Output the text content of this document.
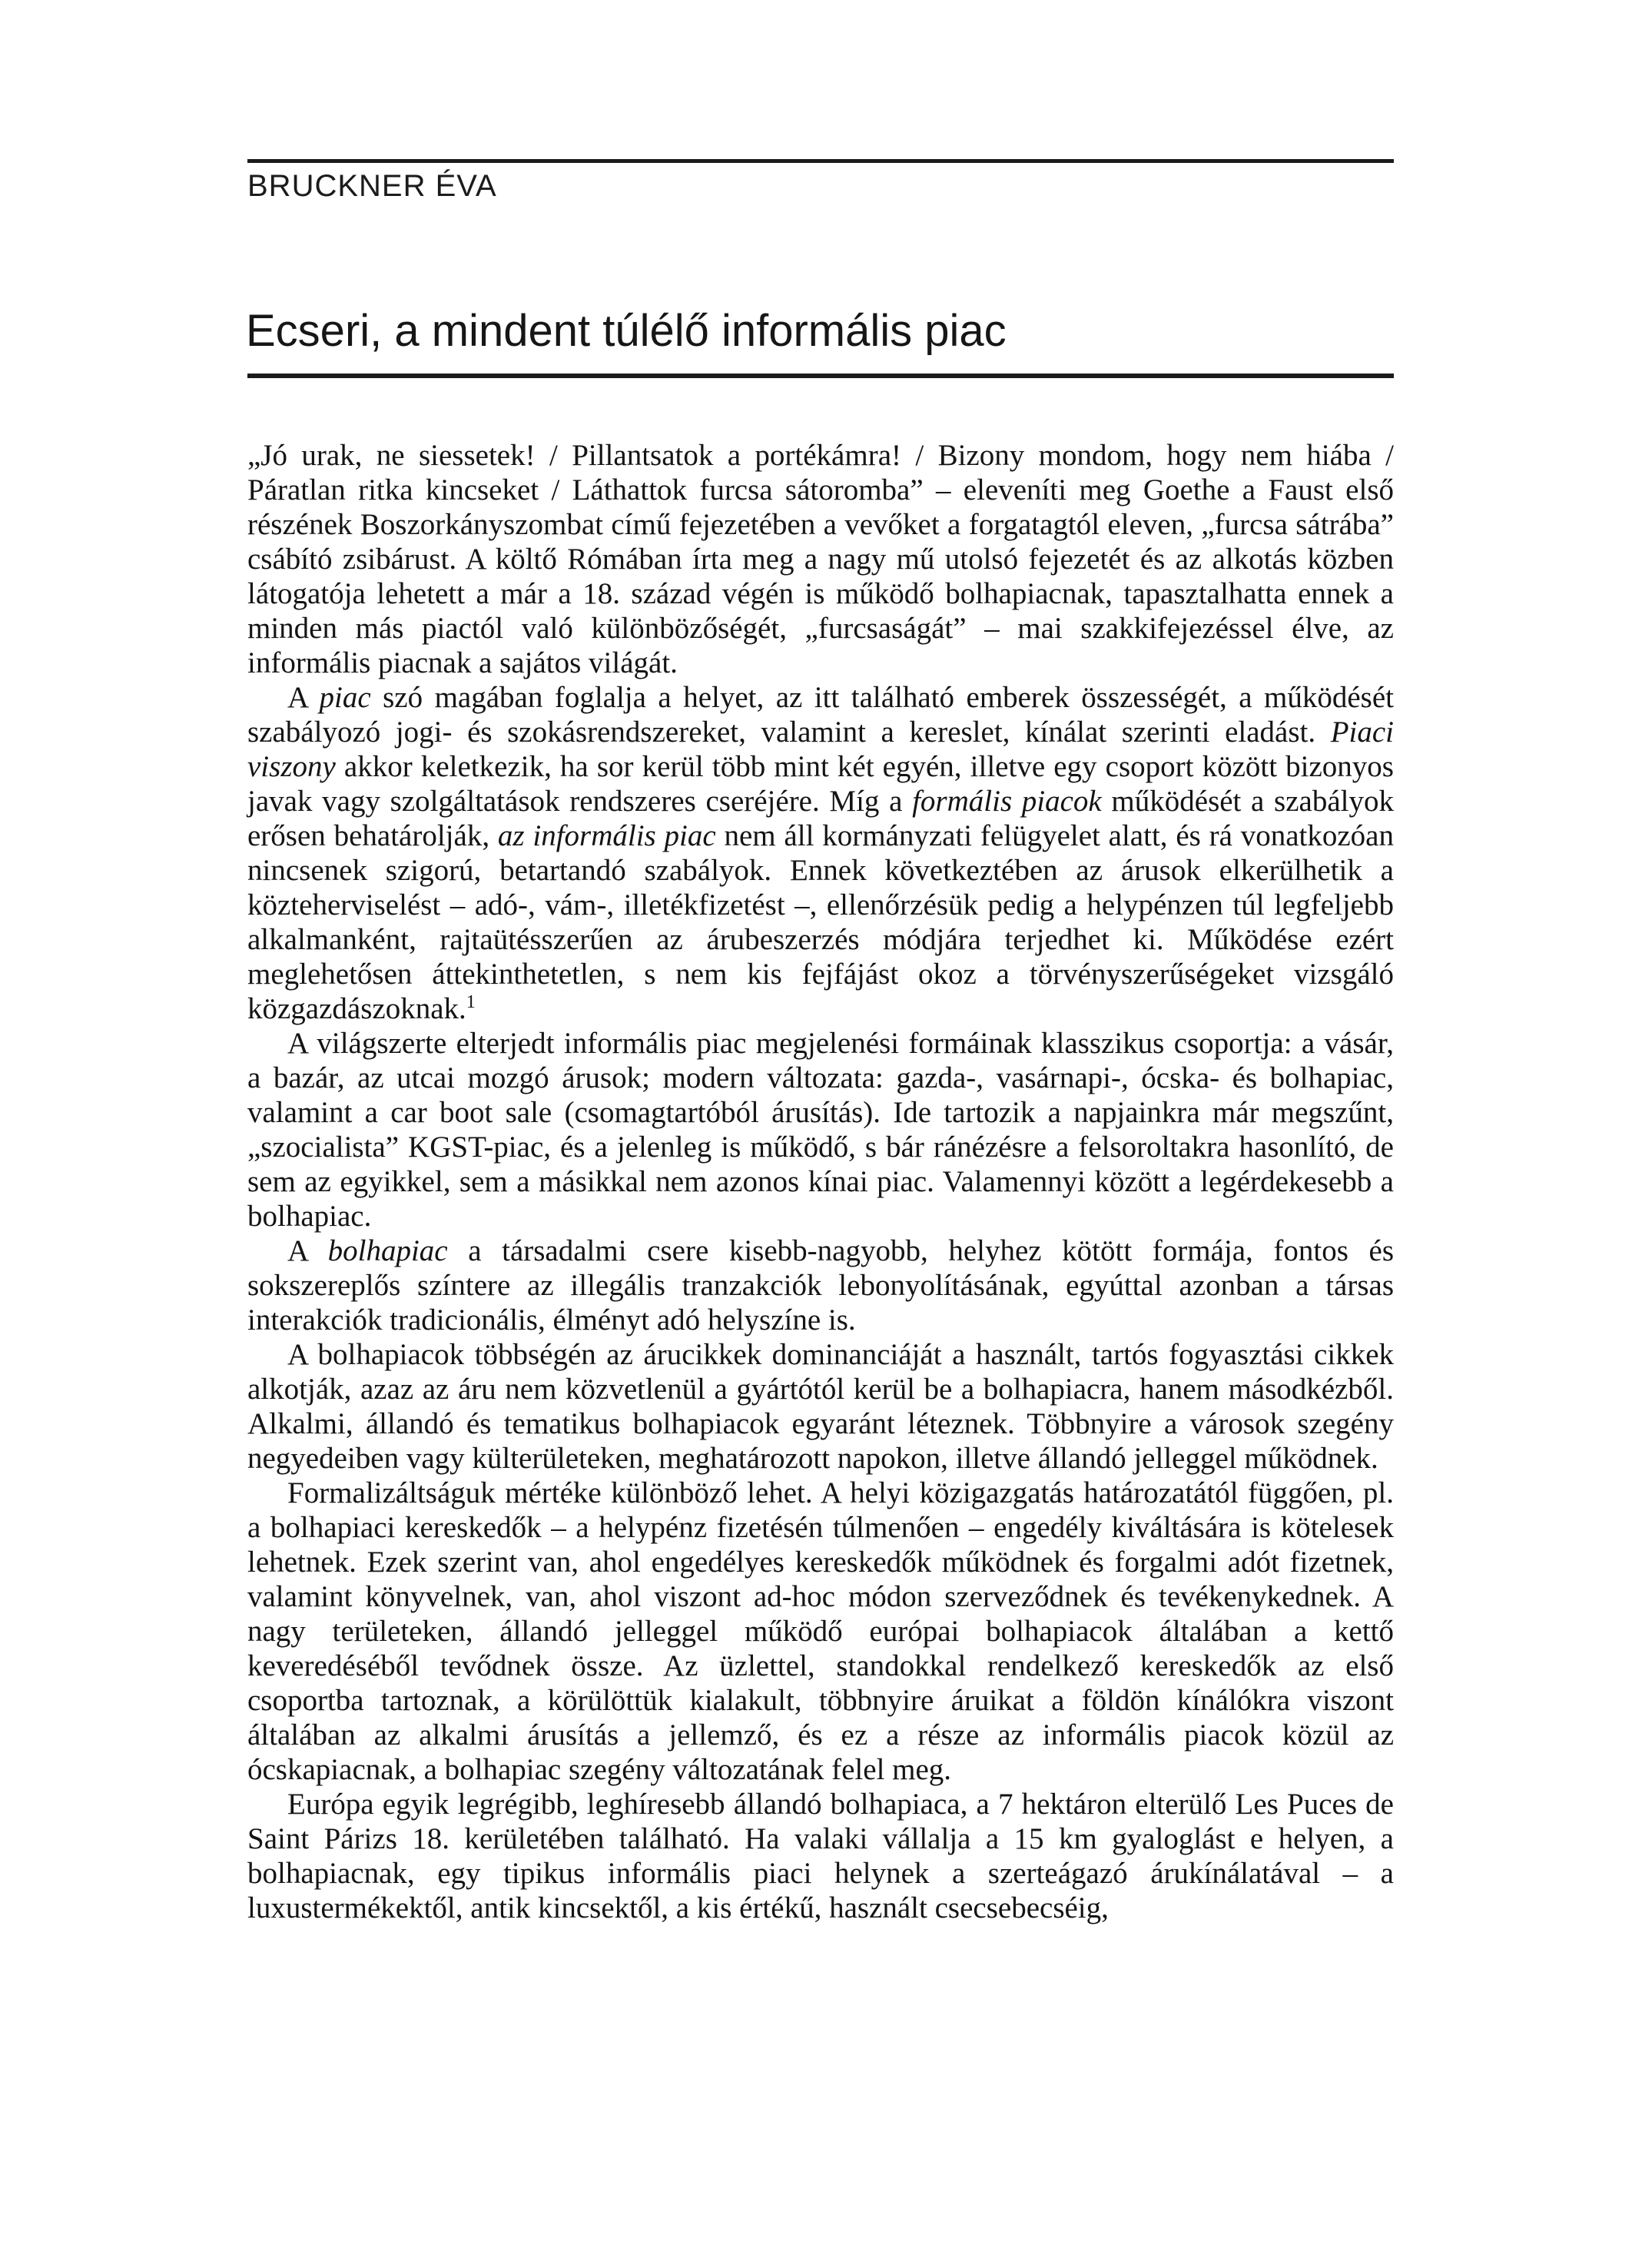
BRUCKNER ÉVA
Ecseri, a mindent túlélő informális piac

„Jó urak, ne siessetek! / Pillantsatok a portékámra! / Bizony mondom, hogy nem hiába / Páratlan ritka kincseket / Láthattok furcsa sátoromba” – eleveníti meg Goethe a Faust első részének Boszorkányszombat című fejezetében a vevőket a forgatagtól eleven, „furcsa sátrába” csábító zsibárust. A költő Rómában írta meg a nagy mű utolsó fejezetét és az alkotás közben látogatója lehetett a már a 18. század végén is működő bolhapiacnak, tapasztalhatta ennek a minden más piactól való különbözőségét, „furcsaságát” – mai szakkifejezéssel élve, az informális piacnak a sajátos világát.

A piac szó magában foglalja a helyet, az itt található emberek összességét, a működését szabályozó jogi- és szokásrendszereket, valamint a kereslet, kínálat szerinti eladást. Piaci viszony akkor keletkezik, ha sor kerül több mint két egyén, illetve egy csoport között bizonyos javak vagy szolgáltatások rendszeres cseréjére. Míg a formális piacok működését a szabályok erősen behatárolják, az informális piac nem áll kormányzati felügyelet alatt, és rá vonatkozóan nincsenek szigorú, betartandó szabályok. Ennek következtében az árusok elkerülhetik a közteherviselést – adó-, vám-, illetékfizetést –, ellenőrzésük pedig a helypénzen túl legfeljebb alkalmanként, rajtaütésszerűen az árubeszerzés módjára terjedhet ki. Működése ezért meglehetősen áttekinthetetlen, s nem kis fejfájást okoz a törvényszerűségeket vizsgáló közgazdászoknak.$^1$

A világszerte elterjedt informális piac megjelenési formáinak klasszikus csoportja: a vásár, a bazár, az utcai mozgó árusok; modern változata: gazda-, vasárnapi-, ócska- és bolhapiac, valamint a car boot sale (csomagtartóból árusítás). Ide tartozik a napjainkra már megszűnt, „szocialista” KGST-piac, és a jelenleg is működő, s bár ránézésre a felsoroltakra hasonlító, de sem az egyikkel, sem a másikkal nem azonos kínai piac. Valamennyi között a legérdekesebb a bolhapiac.

A bolhapiac a társadalmi csere kisebb-nagyobb, helyhez kötött formája, fontos és sokszereplős színtere az illegális tranzakciók lebonyolításának, egyúttal azonban a társas interakciók tradicionális, élményt adó helyszíne is.

A bolhapiacok többségén az árucikkek dominanciáját a használt, tartós fogyasztási cikkek alkotják, azaz az áru nem közvetlenül a gyártótól kerül be a bolhapiacra, hanem másodkézből. Alkalmi, állandó és tematikus bolhapiacok egyaránt léteznek. Többnyire a városok szegény negyedeiben vagy külterületeken, meghatározott napokon, illetve állandó jelleggel működnek.

Formalizáltságuk mértéke különböző lehet. A helyi közigazgatás határozatától függően, pl. a bolhapiaci kereskedők – a helypénz fizetésén túlmenően – engedély kiváltására is kötelesek lehetnek. Ezek szerint van, ahol engedélyes kereskedők működnek és forgalmi adót fizetnek, valamint könyvelnek, van, ahol viszont ad-hoc módon szerveződnek és tevékenykednek. A nagy területeken, állandó jelleggel működő európai bolhapiacok általában a kettő keveredéséből tevődnek össze. Az üzlettel, standokkal rendelkező kereskedők az első csoportba tartoznak, a körülöttük kialakult, többnyire áruikat a földön kínálókra viszont általában az alkalmi árusítás a jellemző, és ez a része az informális piacok közül az ócskapiacnak, a bolhapiac szegény változatának felel meg.

Európa egyik legrégibb, leghíresebb állandó bolhapiaca, a 7 hektáron elterülő Les Puces de Saint Párizs 18. kerületében található. Ha valaki vállalja a 15 km gyaloglást e helyen, a bolhapiacnak, egy tipikus informális piaci helynek a szerteágazó árukínálatával – a luxustermékektől, antik kincsektől, a kis értékű, használt csecsebecséig,
